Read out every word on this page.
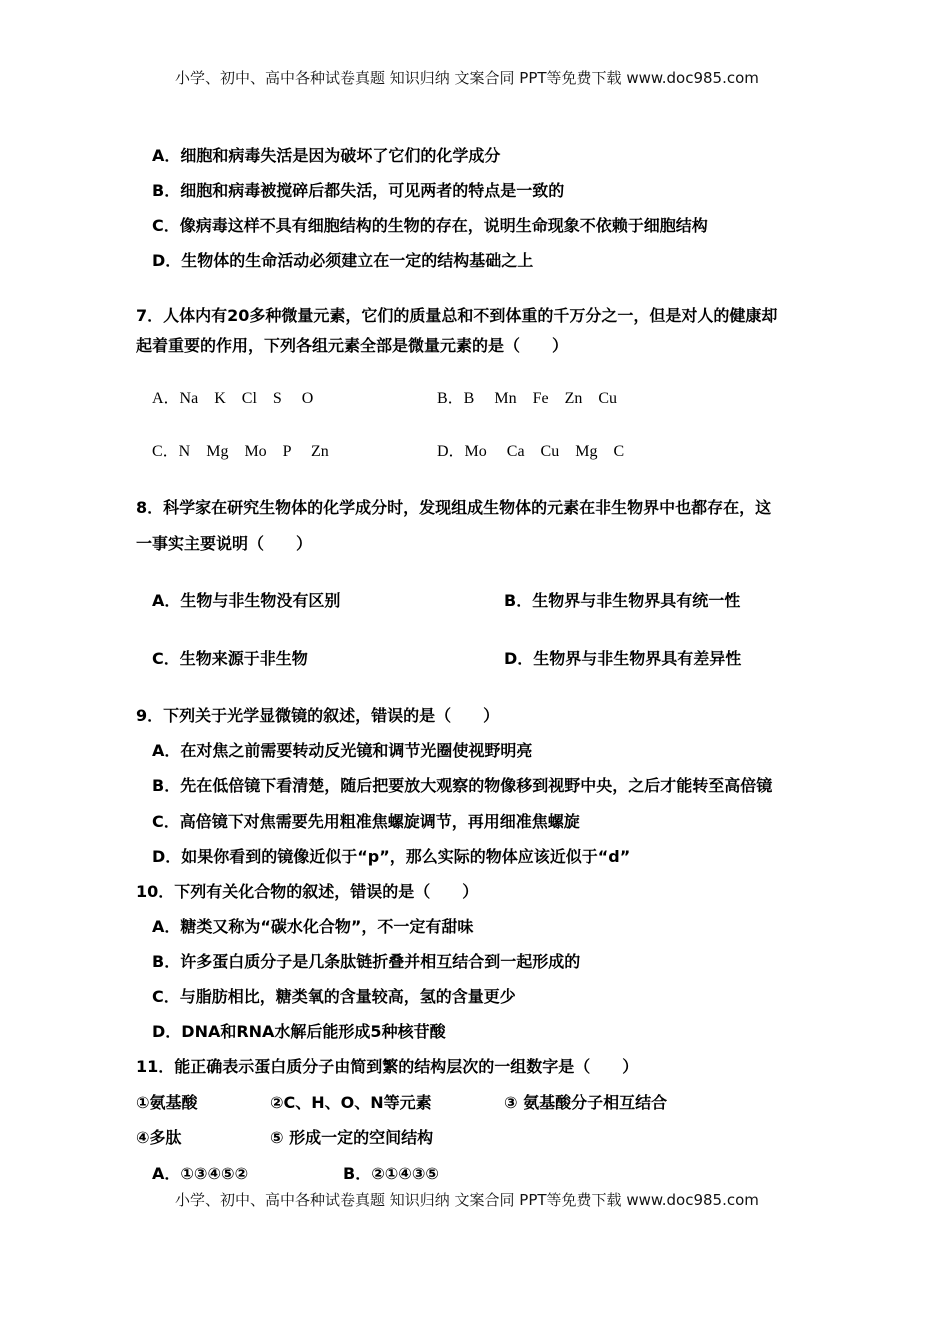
小学、初中、高中各种试卷真题 知识归纳 文案合同 PPT等免费下载 www.doc985.com
A．细胞和病毒失活是因为破坏了它们的化学成分
B．细胞和病毒被搅碎后都失活，可见两者的特点是一致的
C．像病毒这样不具有细胞结构的生物的存在，说明生命现象不依赖于细胞结构
D．生物体的生命活动必须建立在一定的结构基础之上
7．人体内有20多种微量元素，它们的质量总和不到体重的千万分之一，但是对人的健康却
起着重要的作用，下列各组元素全部是微量元素的是（　　）
A．Na　K　Cl　S　 O	B．B　 Mn　Fe　Zn　Cu
C．N　Mg　Mo　P　 Zn	D．Mo　 Ca　Cu　Mg　C
8．科学家在研究生物体的化学成分时，发现组成生物体的元素在非生物界中也都存在，这
一事实主要说明（　　）
A．生物与非生物没有区别	B．生物界与非生物界具有统一性
C．生物来源于非生物	D．生物界与非生物界具有差异性
9．下列关于光学显微镜的叙述，错误的是（　　）
A．在对焦之前需要转动反光镜和调节光圈使视野明亮
B．先在低倍镜下看清楚，随后把要放大观察的物像移到视野中央，之后才能转至高倍镜
C．高倍镜下对焦需要先用粗准焦螺旋调节，再用细准焦螺旋
D．如果你看到的镜像近似于“p”，那么实际的物体应该近似于“d”
10．下列有关化合物的叙述，错误的是（　　）
A．糖类又称为“碳水化合物”，不一定有甜味
B．许多蛋白质分子是几条肽链折叠并相互结合到一起形成的
C．与脂肪相比，糖类氧的含量较高，氢的含量更少
D．DNA和RNA水解后能形成5种核苷酸
11．能正确表示蛋白质分子由简到繁的结构层次的一组数字是（　　）
①氨基酸	②C、H、O、N等元素	③ 氨基酸分子相互结合
④多肽	⑤ 形成一定的空间结构
A．①③④⑤②	B．②①④③⑤
小学、初中、高中各种试卷真题 知识归纳 文案合同 PPT等免费下载 www.doc985.com
